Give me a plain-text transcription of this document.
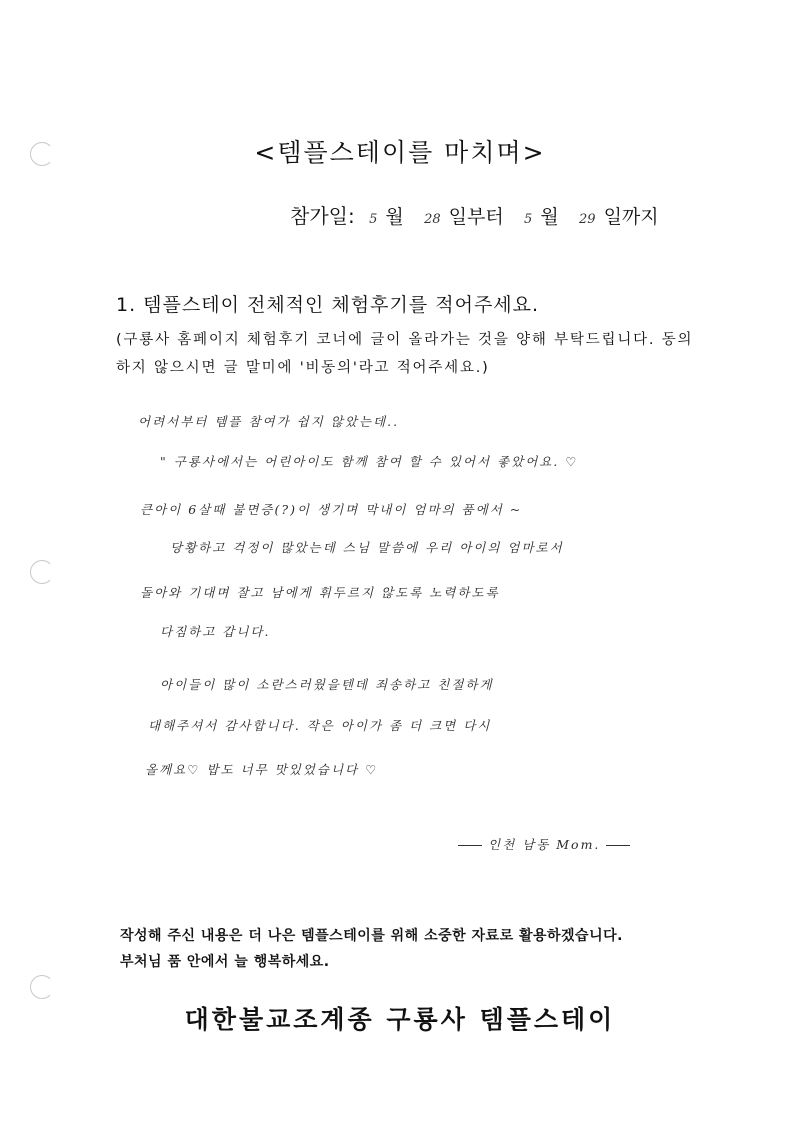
<템플스테이를 마치며>
참가일: 5 월 28 일부터 5 월 29 일까지
1. 템플스테이 전체적인 체험후기를 적어주세요.
(구룡사 홈페이지 체험후기 코너에 글이 올라가는 것을 양해 부탁드립니다. 동의하지 않으시면 글 말미에 '비동의'라고 적어주세요.)
어려서부터 템플 참여가 쉽지 않았는데..
" 구룡사에서는 어린아이도 함께 참여 할 수 있어서 좋았어요. ♡
큰아이 6살때 불면증(?)이 생기며 막내이 엄마의 품에서 ~
당황하고 걱정이 많았는데 스님 말씀에 우리 아이의 엄마로서
돌아와 기대며 잘고 남에게 휘두르지 않도록 노력하도록
다짐하고 갑니다.
아이들이 많이 소란스러웠을텐데 죄송하고 친절하게
대해주셔서 감사합니다. 작은 아이가 좀 더 크면 다시
올께요♡ 밥도 너무 맛있었습니다 ♡
인천 남동 Mom.
작성해 주신 내용은 더 나은 템플스테이를 위해 소중한 자료로 활용하겠습니다.
부처님 품 안에서 늘 행복하세요.
대한불교조계종 구룡사 템플스테이
